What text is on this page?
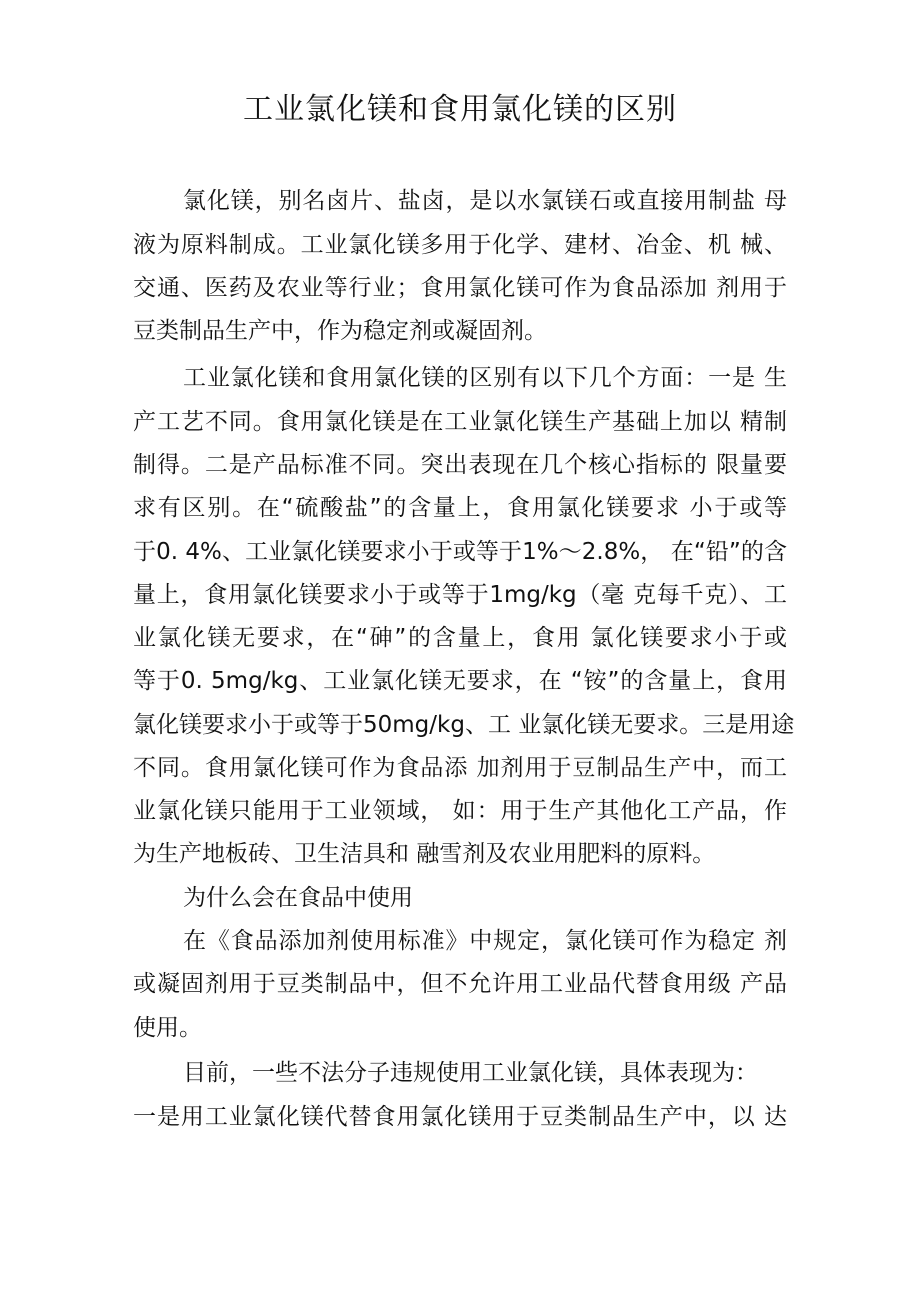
工业氯化镁和食用氯化镁的区别
氯化镁，别名卤片、盐卤，是以水氯镁石或直接用制盐 母
液为原料制成。工业氯化镁多用于化学、建材、冶金、机 械、
交通、医药及农业等行业；食用氯化镁可作为食品添加 剂用于
豆类制品生产中，作为稳定剂或凝固剂。
工业氯化镁和食用氯化镁的区别有以下几个方面：一是 生
产工艺不同。食用氯化镁是在工业氯化镁生产基础上加以 精制
制得。二是产品标准不同。突出表现在几个核心指标的 限量要
求有区别。在“硫酸盐”的含量上，食用氯化镁要求 小于或等
于0. 4%、工业氯化镁要求小于或等于1%～2.8%， 在“铅”的含
量上，食用氯化镁要求小于或等于1mg/kg（毫 克每千克）、工
业氯化镁无要求，在“砷”的含量上，食用 氯化镁要求小于或
等于0. 5mg/kg、工业氯化镁无要求，在 “铵”的含量上，食用
氯化镁要求小于或等于50mg/kg、工 业氯化镁无要求。三是用途
不同。食用氯化镁可作为食品添 加剂用于豆制品生产中，而工
业氯化镁只能用于工业领域， 如：用于生产其他化工产品，作
为生产地板砖、卫生洁具和 融雪剂及农业用肥料的原料。
为什么会在食品中使用
在《食品添加剂使用标准》中规定，氯化镁可作为稳定 剂
或凝固剂用于豆类制品中，但不允许用工业品代替食用级 产品
使用。
目前，一些不法分子违规使用工业氯化镁，具体表现为：
一是用工业氯化镁代替食用氯化镁用于豆类制品生产中，以 达
